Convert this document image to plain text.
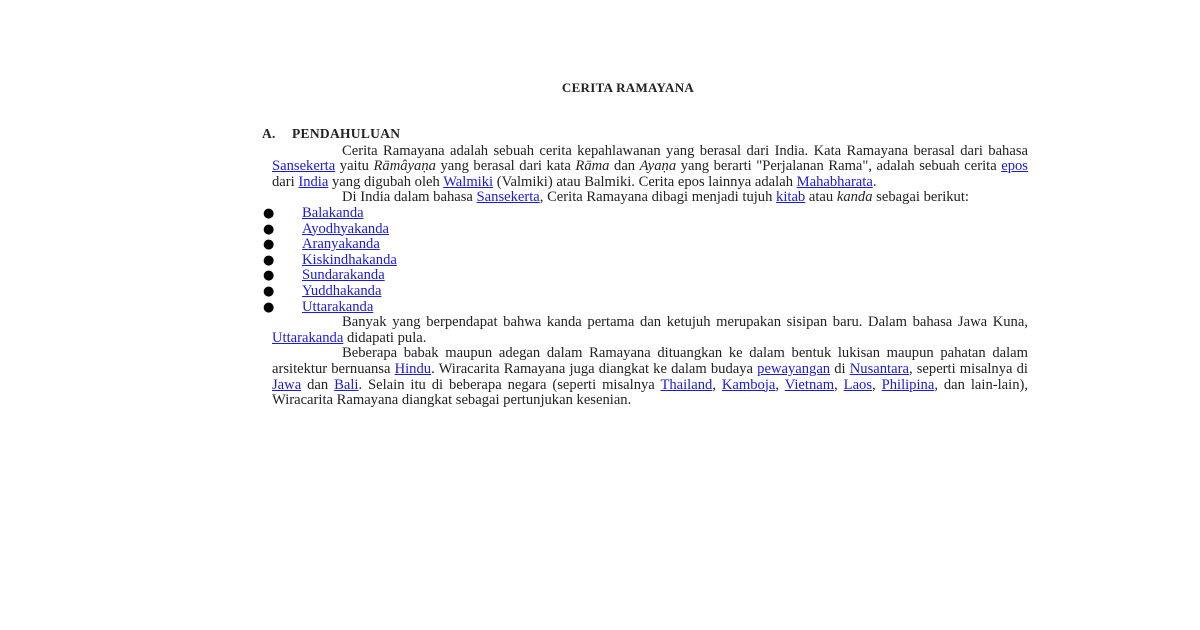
CERITA RAMAYANA
A. PENDAHULUAN

Cerita Ramayana adalah sebuah cerita kepahlawanan yang berasal dari India. Kata Ramayana berasal dari bahasa Sansekerta yaitu Rāmâyaṇa yang berasal dari kata Rāma dan Ayaṇa yang berarti "Perjalanan Rama", adalah sebuah cerita epos dari India yang digubah oleh Walmiki (Valmiki) atau Balmiki. Cerita epos lainnya adalah Mahabharata.

Di India dalam bahasa Sansekerta, Cerita Ramayana dibagi menjadi tujuh kitab atau kanda sebagai berikut:

● Balakanda
● Ayodhyakanda
● Aranyakanda
● Kiskindhakanda
● Sundarakanda
● Yuddhakanda
● Uttarakanda

Banyak yang berpendapat bahwa kanda pertama dan ketujuh merupakan sisipan baru. Dalam bahasa Jawa Kuna, Uttarakanda didapati pula.

Beberapa babak maupun adegan dalam Ramayana dituangkan ke dalam bentuk lukisan maupun pahatan dalam arsitektur bernuansa Hindu. Wiracarita Ramayana juga diangkat ke dalam budaya pewayangan di Nusantara, seperti misalnya di Jawa dan Bali. Selain itu di beberapa negara (seperti misalnya Thailand, Kamboja, Vietnam, Laos, Philipina, dan lain-lain), Wiracarita Ramayana diangkat sebagai pertunjukan kesenian.
